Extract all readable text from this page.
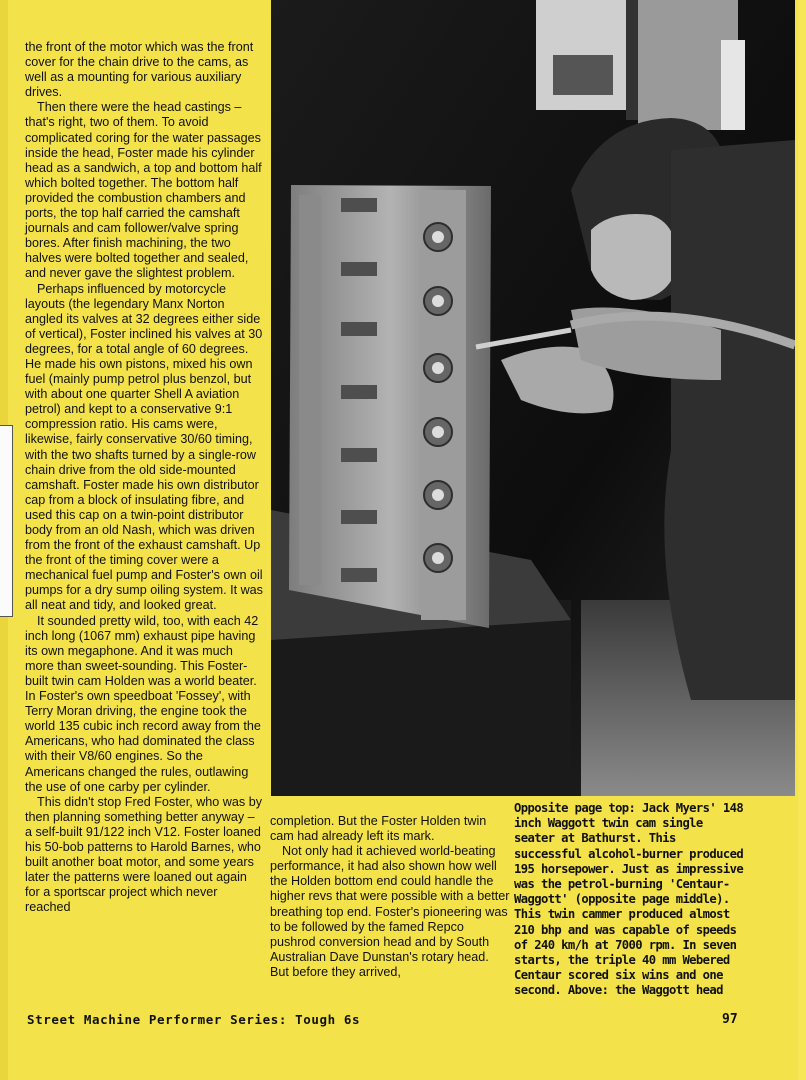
the front of the motor which was the front cover for the chain drive to the cams, as well as a mounting for various auxiliary drives.

Then there were the head castings – that's right, two of them. To avoid complicated coring for the water passages inside the head, Foster made his cylinder head as a sandwich, a top and bottom half which bolted together. The bottom half provided the combustion chambers and ports, the top half carried the camshaft journals and cam follower/valve spring bores. After finish machining, the two halves were bolted together and sealed, and never gave the slightest problem.

Perhaps influenced by motorcycle layouts (the legendary Manx Norton angled its valves at 32 degrees either side of vertical), Foster inclined his valves at 30 degrees, for a total angle of 60 degrees. He made his own pistons, mixed his own fuel (mainly pump petrol plus benzol, but with about one quarter Shell A aviation petrol) and kept to a conservative 9:1 compression ratio. His cams were, likewise, fairly conservative 30/60 timing, with the two shafts turned by a single-row chain drive from the old side-mounted camshaft. Foster made his own distributor cap from a block of insulating fibre, and used this cap on a twin-point distributor body from an old Nash, which was driven from the front of the exhaust camshaft. Up the front of the timing cover were a mechanical fuel pump and Foster's own oil pumps for a dry sump oiling system. It was all neat and tidy, and looked great.

It sounded pretty wild, too, with each 42 inch long (1067 mm) exhaust pipe having its own megaphone. And it was much more than sweet-sounding. This Foster-built twin cam Holden was a world beater. In Foster's own speedboat 'Fossey', with Terry Moran driving, the engine took the world 135 cubic inch record away from the Americans, who had dominated the class with their V8/60 engines. So the Americans changed the rules, outlawing the use of one carby per cylinder.

This didn't stop Fred Foster, who was by then planning something better anyway – a self-built 91/122 inch V12. Foster loaned his 50-bob patterns to Harold Barnes, who built another boat motor, and some years later the patterns were loaned out again for a sportscar project which never reached

completion. But the Foster Holden twin cam had already left its mark.

Not only had it achieved world-beating performance, it had also shown how well the Holden bottom end could handle the higher revs that were possible with a better breathing top end. Foster's pioneering was to be followed by the famed Repco pushrod conversion head and by South Australian Dave Dunstan's rotary head. But before they arrived,

Opposite page top: Jack Myers' 148 inch Waggott twin cam single seater at Bathurst. This successful alcohol-burner produced 195 horsepower. Just as impressive was the petrol-burning 'Centaur-Waggott' (opposite page middle). This twin cammer produced almost 210 bhp and was capable of speeds of 240 km/h at 7000 rpm. In seven starts, the triple 40 mm Webered Centaur scored six wins and one second. Above: the Waggott head
Street Machine Performer Series: Tough 6s	97
